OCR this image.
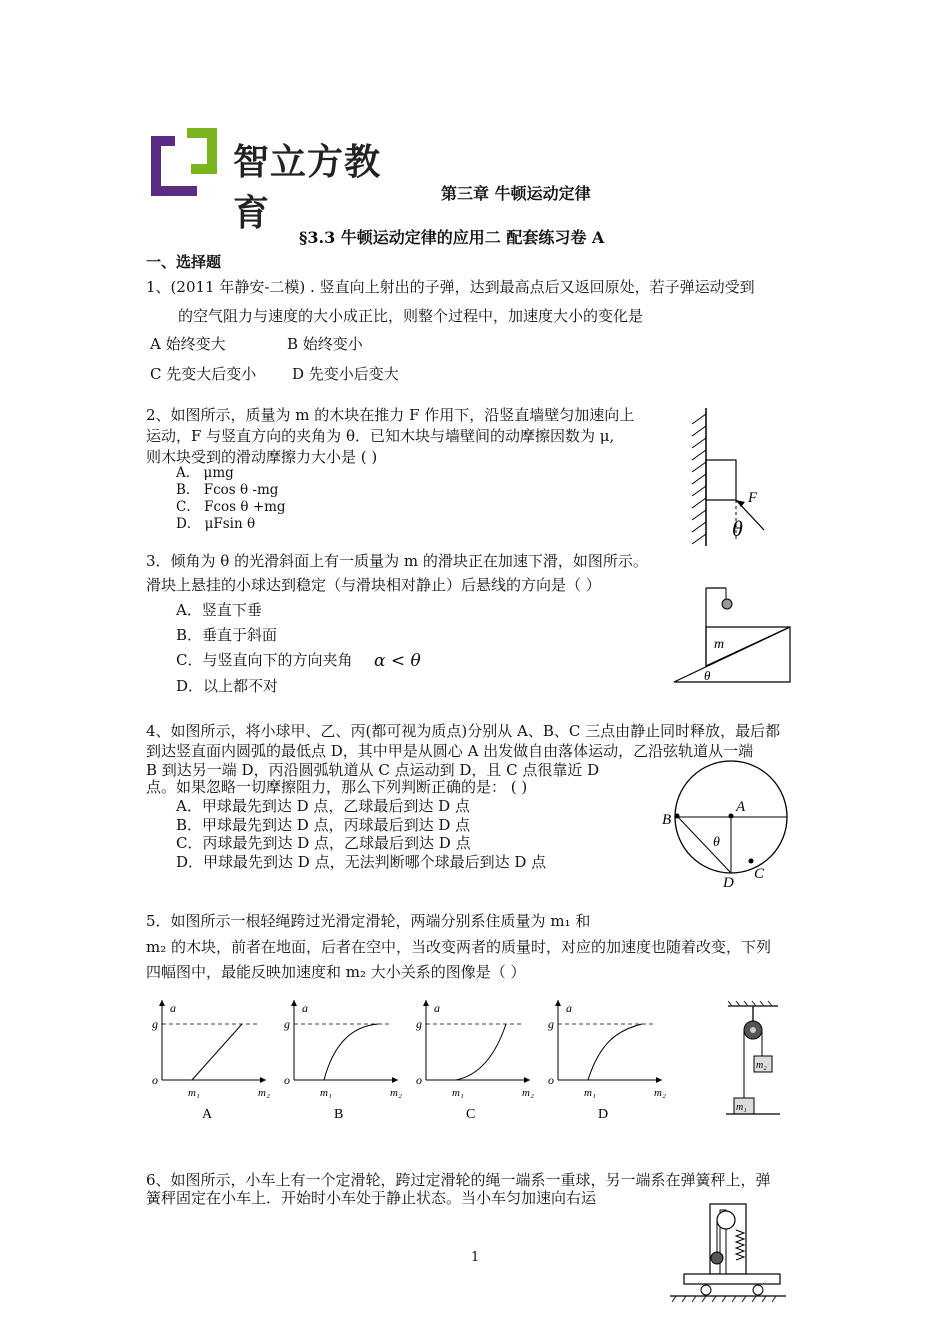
智立方教育	第三章 牛顿运动定律
§3.3 牛顿运动定律的应用二 配套练习卷 A
一、选择题
1、(2011 年静安-二模) . 竖直向上射出的子弹，达到最高点后又返回原处，若子弹运动受到
的空气阻力与速度的大小成正比，则整个过程中，加速度大小的变化是
A 始终变大	B 始终变小
C 先变大后变小 D 先变小后变大
2、如图所示，质量为 m 的木块在推力 F 作用下，沿竖直墙壁匀加速向上
运动，F 与竖直方向的夹角为 θ．已知木块与墙壁间的动摩擦因数为 μ,
则木块受到的滑动摩擦力大小是 ( )
A． μmg
B． Fcos θ -mg
C． Fcos θ +mg
D． μFsin θ
F
θ
3．倾角为 θ 的光滑斜面上有一质量为 m 的滑块正在加速下滑，如图所示。
滑块上悬挂的小球达到稳定（与滑块相对静止）后悬线的方向是（ ）
A．竖直下垂
B．垂直于斜面
C．与竖直向下的方向夹角 α < θ
D．以上都不对
m
θ
4、如图所示，将小球甲、乙、丙(都可视为质点)分别从 A、B、C 三点由静止同时释放，最后都
到达竖直面内圆弧的最低点 D，其中甲是从圆心 A 出发做自由落体运动，乙沿弦轨道从一端
B 到达另一端 D，丙沿圆弧轨道从 C 点运动到 D，且 C 点很靠近 D
点。如果忽略一切摩擦阻力，那么下列判断正确的是： ( )
A．甲球最先到达 D 点，乙球最后到达 D 点
B．甲球最先到达 D 点，丙球最后到达 D 点
C．丙球最先到达 D 点，乙球最后到达 D 点
D．甲球最先到达 D 点，无法判断哪个球最后到达 D 点
A
B
C
D
θ
5．如图所示一根轻绳跨过光滑定滑轮，两端分别系住质量为 m₁ 和
m₂ 的木块，前者在地面，后者在空中，当改变两者的质量时，对应的加速度也随着改变，下列
四幅图中，最能反映加速度和 m₂ 大小关系的图像是（ ）
a
m₂
g
o
m₁
A
a
m₂
g
o
m₁
B
a
m₂
g
o
m₁
C
a
m₂
g
o
m₁
D
m₂
m₁
6、如图所示，小车上有一个定滑轮，跨过定滑轮的绳一端系一重球，另一端系在弹簧秤上，弹
簧秤固定在小车上．开始时小车处于静止状态。当小车匀加速向右运
1
